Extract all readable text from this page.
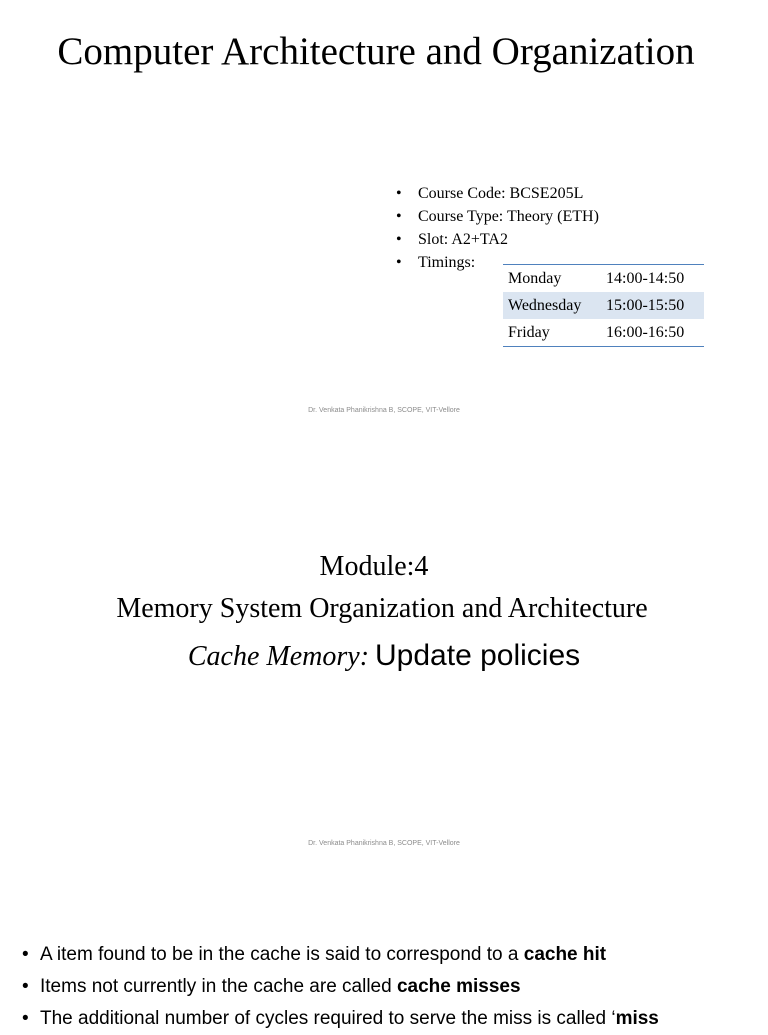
Computer Architecture and Organization
• Course Code: BCSE205L
• Course Type: Theory (ETH)
• Slot: A2+TA2
• Timings:
Monday	14:00-14:50
Wednesday	15:00-15:50
Friday	16:00-16:50
Dr. Venkata Phanikrishna B, SCOPE, VIT-Vellore
Module:4
Memory System Organization and Architecture
Cache Memory: Update policies
Dr. Venkata Phanikrishna B, SCOPE, VIT-Vellore
• A item found to be in the cache is said to correspond to a cache hit
• Items not currently in the cache are called cache misses
• The additional number of cycles required to serve the miss is called ‘miss
